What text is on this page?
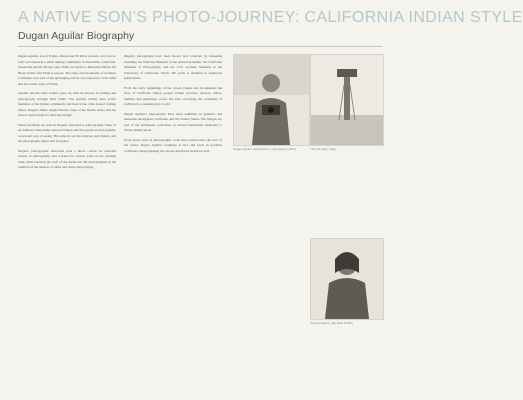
A NATIVE SON'S PHOTO-JOURNEY: CALIFORNIA INDIAN STYLE
Dugan Aguilar Biography

Dugan Aguilar, son of Paiute, Maidu and Pit River parents, was born in 1947 and raised in a small mining community in Susanville, California. Susanville and the Honey Lake Valley are home to Mountain Maidu, Pit River, Paiute and Washoe people. The lakes and mountains of northern California were part of his upbringing and he was exposed to both tribal and non-tribal ways of living.

Aguilar and his elder brother grew up with an interest in reading and photography through their father. The Aguilar family were active members of the Indian community and their home often hosted visiting elders. Dugan's father taught him the value of the Native elders and the need to honor them for their knowledge.

These teachings are seen in Dugan's approach to photography. There is an intimate relationship between Dugan and the people he photographs, a personal way of seeing. His subjects are his relatives and friends, and the photographs reflect this closeness.

Dugan's photographic education took a direct course: he attended classes in photography and worked for several years in the printing trade while learning the craft of the darkroom. He photographed in the tradition of the masters of black and white photography.

Dugan's photographs have been shown and collected by museums including the National Museum of the American Indian, the California Museum of Photography, and the C.N. Gorman Museum at the University of California, Davis. His work is included in numerous publications.

From the early beginnings of his career, Dugan has documented the lives of California Indian people: basket weavers, dancers, elders, families and gatherings across the state, recording the continuity of tradition in a contemporary world.

Dugan Aguilar's photographs have been exhibited in galleries and museums throughout California and the United States. His images are part of the permanent collections of several institutions dedicated to Native American art.

Forty-seven years of photographic work have passed since the start of his career. Dugan Aguilar continues to live and work in northern California, photographing the people and places he knows best.	Dugan Aguilar, Sacramento, photograph (2002)	The old water tower
Joanne Nelson, Big Bear (1999)
